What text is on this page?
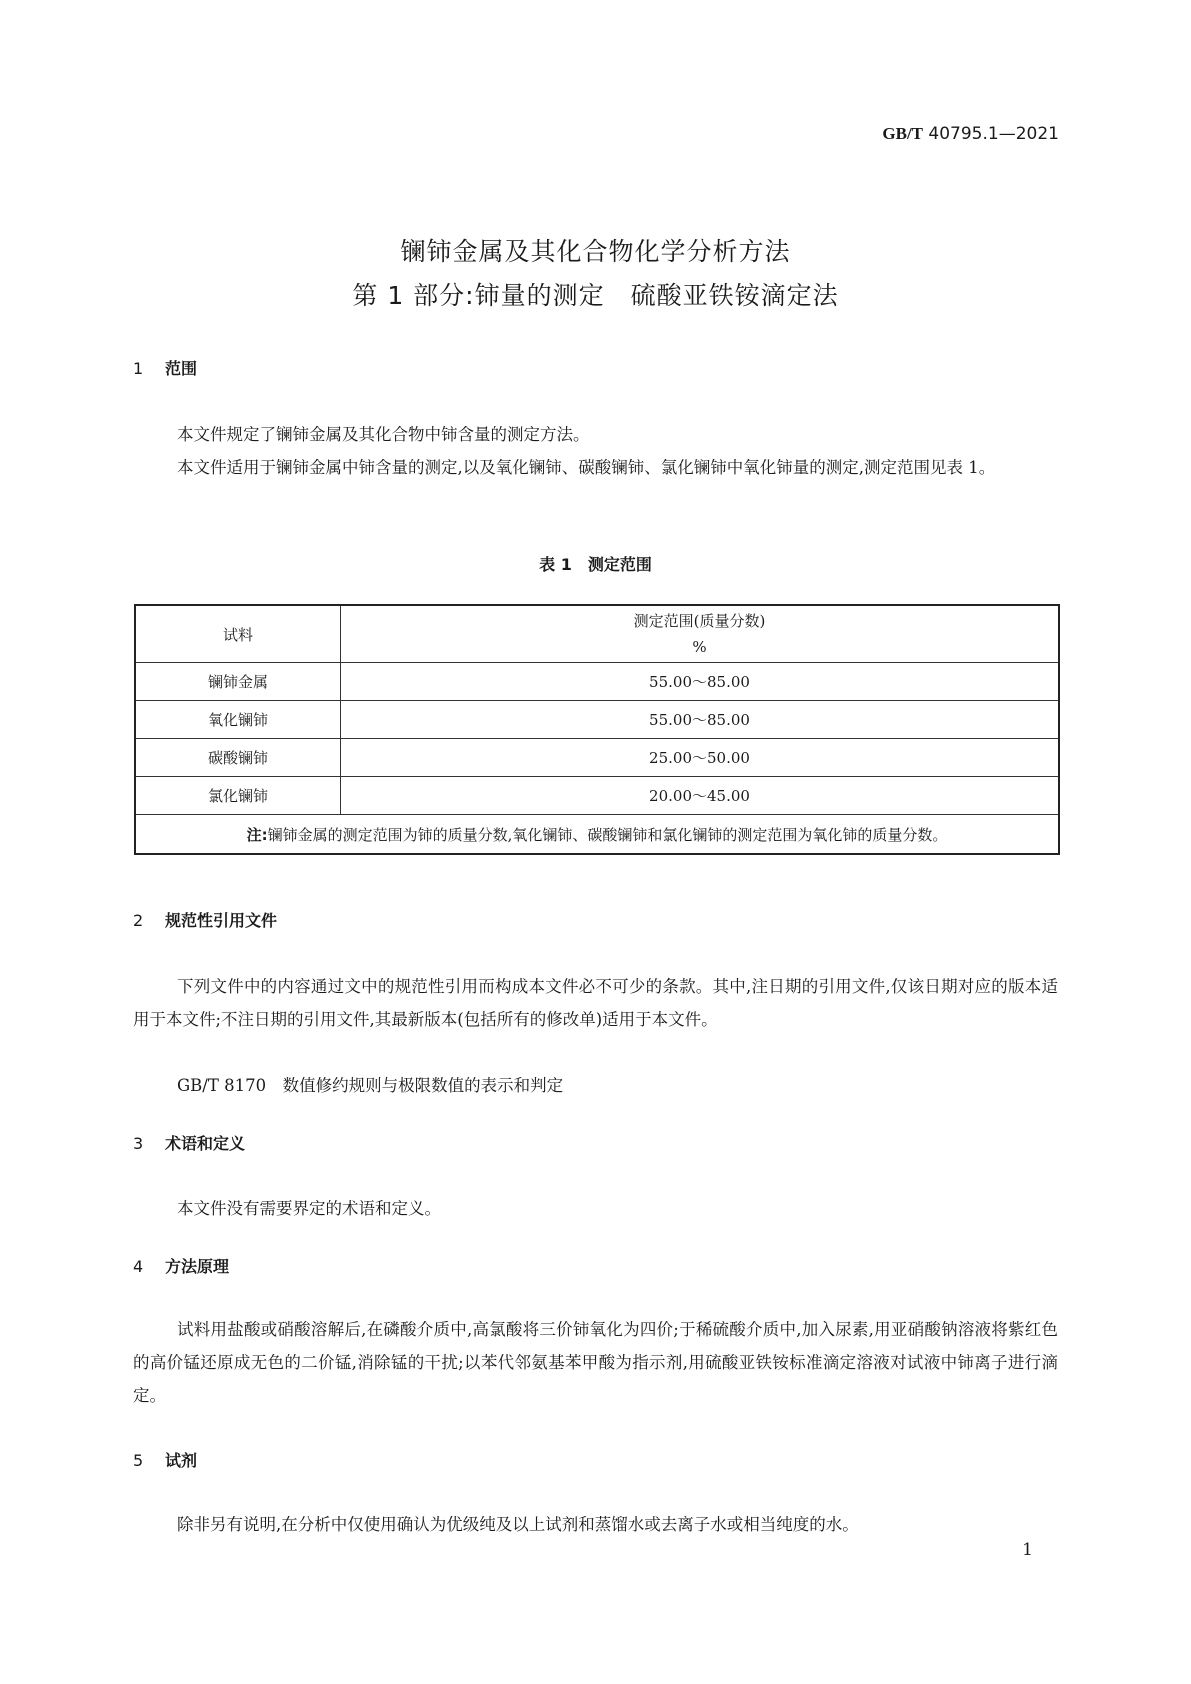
GB/T 40795.1—2021
镧铈金属及其化合物化学分析方法
第 1 部分:铈量的测定　硫酸亚铁铵滴定法
1 范围
本文件规定了镧铈金属及其化合物中铈含量的测定方法。
本文件适用于镧铈金属中铈含量的测定,以及氧化镧铈、碳酸镧铈、氯化镧铈中氧化铈量的测定,测定范围见表 1。
表 1　测定范围
试料	测定范围(质量分数)
%

镧铈金属	55.00～85.00
氧化镧铈	55.00～85.00
碳酸镧铈	25.00～50.00
氯化镧铈	20.00～45.00
注:镧铈金属的测定范围为铈的质量分数,氧化镧铈、碳酸镧铈和氯化镧铈的测定范围为氧化铈的质量分数。	
2 规范性引用文件
下列文件中的内容通过文中的规范性引用而构成本文件必不可少的条款。其中,注日期的引用文件,仅该日期对应的版本适用于本文件;不注日期的引用文件,其最新版本(包括所有的修改单)适用于本文件。
GB/T 8170　数值修约规则与极限数值的表示和判定
3 术语和定义
本文件没有需要界定的术语和定义。
4 方法原理
试料用盐酸或硝酸溶解后,在磷酸介质中,高氯酸将三价铈氧化为四价;于稀硫酸介质中,加入尿素,用亚硝酸钠溶液将紫红色的高价锰还原成无色的二价锰,消除锰的干扰;以苯代邻氨基苯甲酸为指示剂,用硫酸亚铁铵标准滴定溶液对试液中铈离子进行滴定。
5 试剂
除非另有说明,在分析中仅使用确认为优级纯及以上试剂和蒸馏水或去离子水或相当纯度的水。
1
